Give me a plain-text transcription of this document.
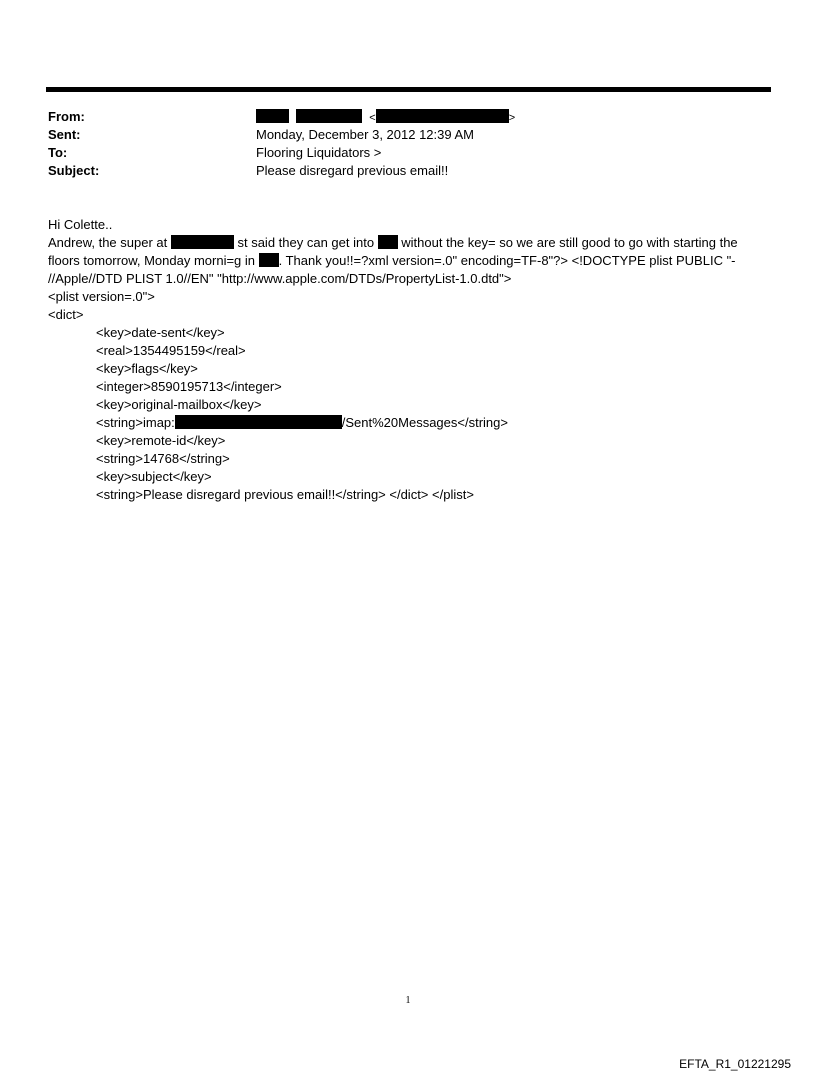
From:	<	>
Sent:	Monday, December 3, 2012 12:39 AM
To:	Flooring Liquidators >
Subject:	Please disregard previous email!!
Hi Colette..
Andrew, the super at	st said they can get into  without the key= so we are still good to go with starting the
floors tomorrow, Monday morni=g in . Thank you!!=?xml version=.0" encoding=TF-8"?> <!DOCTYPE plist PUBLIC "-
//Apple//DTD PLIST 1.0//EN" "http://www.apple.com/DTDs/PropertyList-1.0.dtd">
<plist version=.0">
<dict>
<key>date-sent</key>
<real>1354495159</real>
<key>flags</key>
<integer>8590195713</integer>
<key>original-mailbox</key>
<string>imap:	/Sent%20Messages</string>
<key>remote-id</key>
<string>14768</string>
<key>subject</key>
<string>Please disregard previous email!!</string> </dict> </plist>
1
EFTA_R1_01221295
